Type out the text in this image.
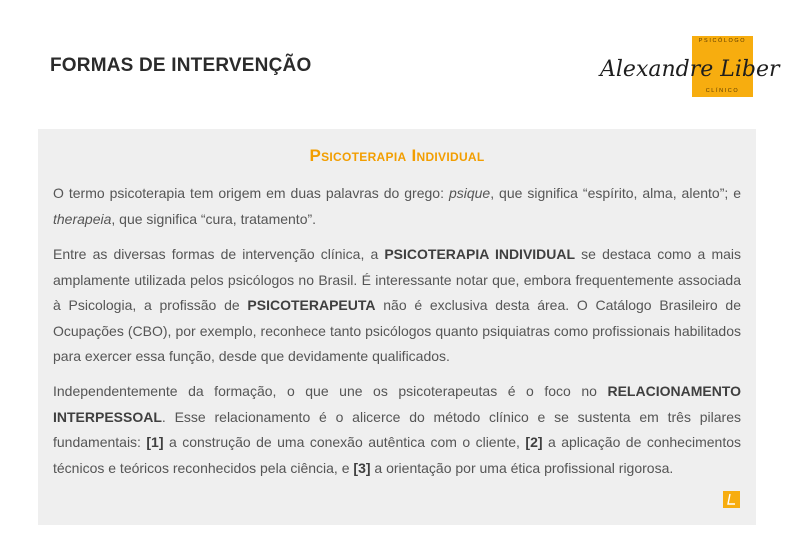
FORMAS DE INTERVENÇÃO
PSICÓLOGO
CLÍNICO
Alexandre Liber
Psicoterapia Individual
O termo psicoterapia tem origem em duas palavras do grego: psique, que significa “espírito, alma, alento”; e therapeia, que significa “cura, tratamento”.
Entre as diversas formas de intervenção clínica, a PSICOTERAPIA INDIVIDUAL se destaca como a mais amplamente utilizada pelos psicólogos no Brasil. É interessante notar que, embora frequentemente associada à Psicologia, a profissão de PSICOTERAPEUTA não é exclusiva desta área. O Catálogo Brasileiro de Ocupações (CBO), por exemplo, reconhece tanto psicólogos quanto psiquiatras como profissionais habilitados para exercer essa função, desde que devidamente qualificados.
Independentemente da formação, o que une os psicoterapeutas é o foco no RELACIONAMENTO INTERPESSOAL. Esse relacionamento é o alicerce do método clínico e se sustenta em três pilares fundamentais: [1] a construção de uma conexão autêntica com o cliente, [2] a aplicação de conhecimentos técnicos e teóricos reconhecidos pela ciência, e [3] a orientação por uma ética profissional rigorosa.
